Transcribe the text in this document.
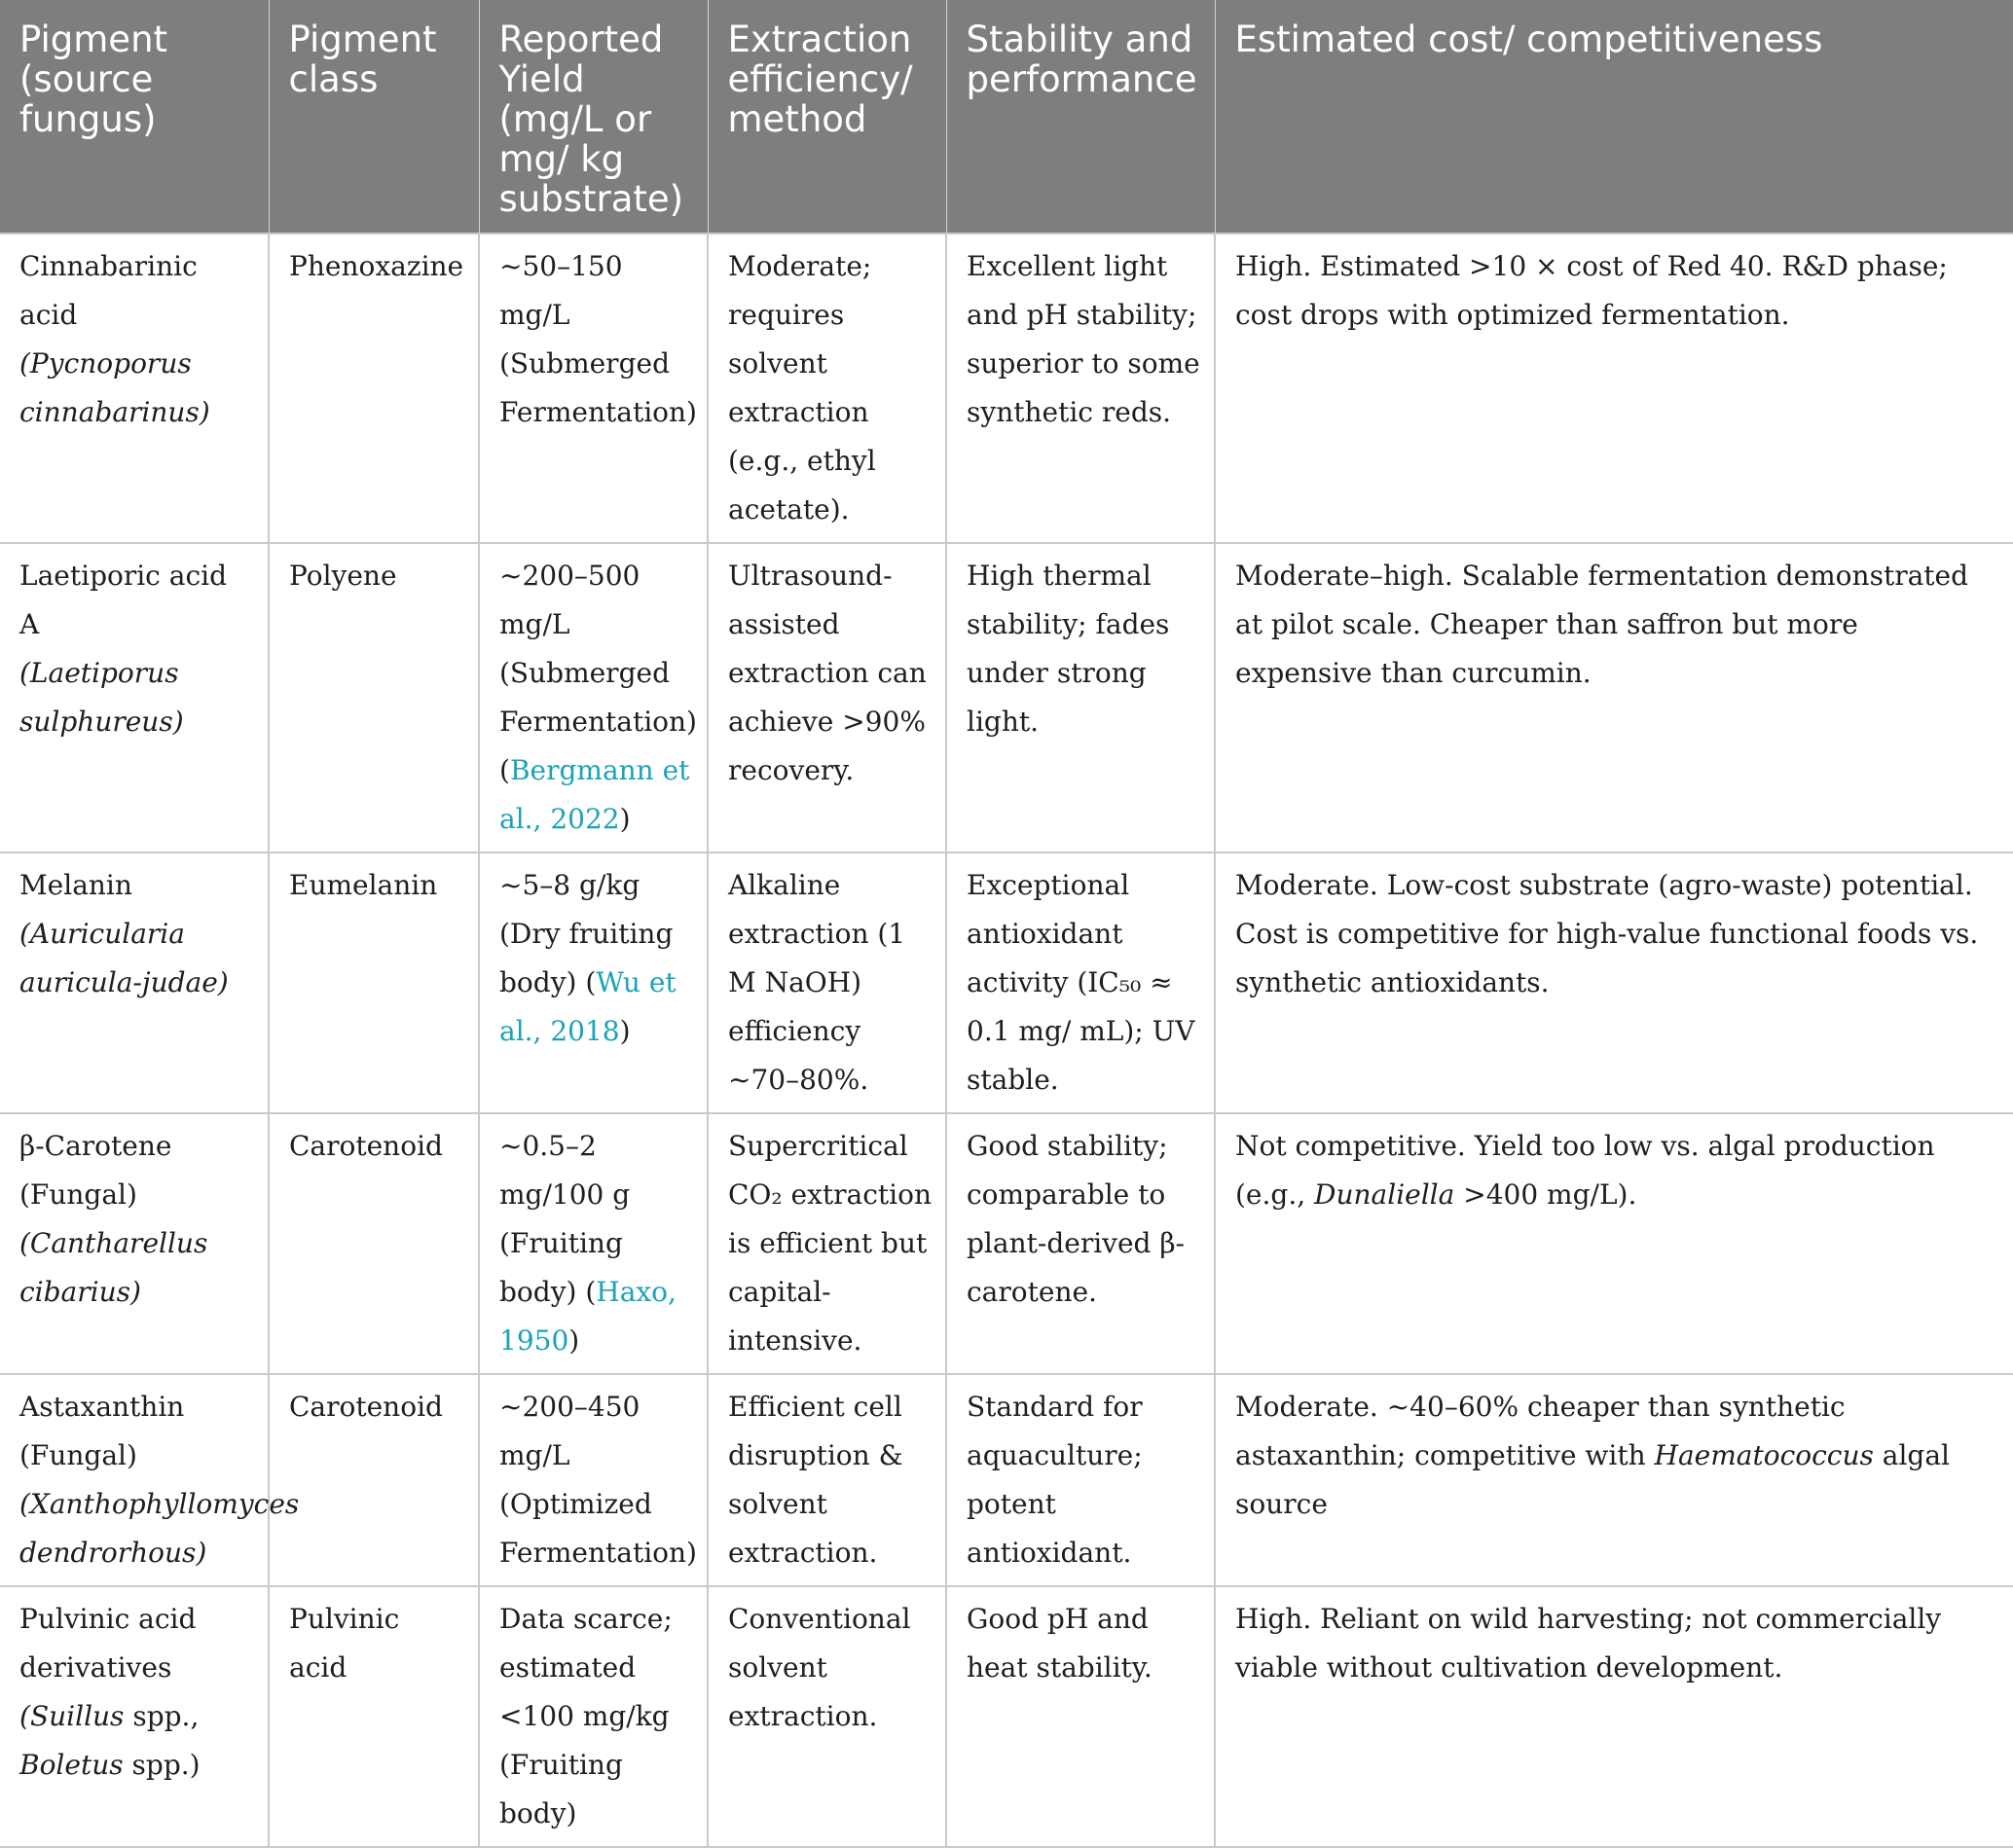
Pigment (source fungus)	Pigment class	Reported Yield (mg/L or mg/ kg substrate)	Extraction efficiency/ method	Stability and performance	Estimated cost/ competitiveness

Cinnabarinic acid
(Pycnoporus cinnabarinus)	Phenoxazine	~50–150 mg/L (Submerged Fermentation)	Moderate; requires solvent extraction (e.g., ethyl acetate).	Excellent light and pH stability; superior to some synthetic reds.	High. Estimated >10 × cost of Red 40. R&D phase; cost drops with optimized fermentation.

Laetiporic acid A
(Laetiporus sulphureus)	Polyene	~200–500 mg/L (Submerged Fermentation) (Bergmann et al., 2022)	Ultrasound-assisted extraction can achieve >90% recovery.	High thermal stability; fades under strong light.	Moderate–high. Scalable fermentation demonstrated at pilot scale. Cheaper than saffron but more expensive than curcumin.
Melanin (Auricularia auricula-judae)	Eumelanin	~5–8 g/kg (Dry fruiting body) (Wu et al., 2018)	Alkaline extraction (1 M NaOH) efficiency ~70–80%.	Exceptional antioxidant activity (IC₅₀ ≈ 0.1 mg/ mL); UV stable.	Moderate. Low-cost substrate (agro-waste) potential. Cost is competitive for high-value functional foods vs. synthetic antioxidants.

β-Carotene (Fungal)
(Cantharellus cibarius)	Carotenoid	~0.5–2 mg/100 g (Fruiting body) (Haxo, 1950)	Supercritical CO₂ extraction is efficient but capital-intensive.	Good stability; comparable to plant-derived β-carotene.	Not competitive. Yield too low vs. algal production (e.g., Dunaliella >400 mg/L).

Astaxanthin (Fungal)
(Xanthophyllomyces dendrorhous)	Carotenoid	~200–450 mg/L (Optimized Fermentation)	Efficient cell disruption & solvent extraction.	Standard for aquaculture; potent antioxidant.	Moderate. ~40–60% cheaper than synthetic astaxanthin; competitive with Haematococcus algal source

Pulvinic acid derivatives
(Suillus spp., Boletus spp.)	Pulvinic acid	Data scarce; estimated <100 mg/kg (Fruiting body)	Conventional solvent extraction.	Good pH and heat stability.	High. Reliant on wild harvesting; not commercially viable without cultivation development.
